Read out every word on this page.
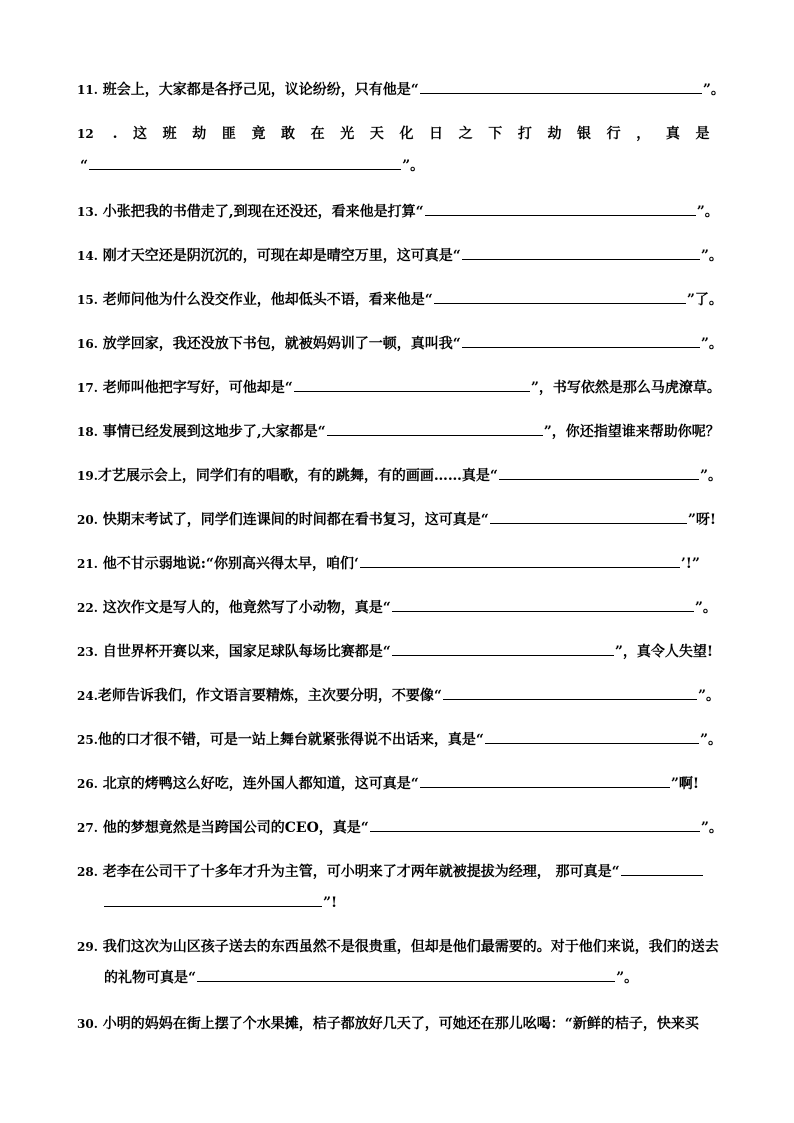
11. 班会上，大家都是各抒己见，议论纷纷，只有他是“	”。
12 .这班劫匪竟敢在光天化日之下打劫银行，真是
“	”。
13. 小张把我的书借走了,到现在还没还，看来他是打算“	”。
14. 刚才天空还是阴沉沉的，可现在却是晴空万里，这可真是“	”。
15. 老师问他为什么没交作业，他却低头不语，看来他是“	”了。
16. 放学回家，我还没放下书包，就被妈妈训了一顿，真叫我“	”。
17. 老师叫他把字写好，可他却是“	”，书写依然是那么马虎潦草。
18. 事情已经发展到这地步了,大家都是“	”，你还指望谁来帮助你呢？
19.才艺展示会上，同学们有的唱歌，有的跳舞，有的画画……真是“	”。
20. 快期末考试了，同学们连课间的时间都在看书复习，这可真是“	”呀!
21. 他不甘示弱地说:“你别高兴得太早，咱们‘	’!”
22. 这次作文是写人的，他竟然写了小动物，真是“	”。
23. 自世界杯开赛以来，国家足球队每场比赛都是“	”，真令人失望!
24.老师告诉我们，作文语言要精炼，主次要分明，不要像“	”。
25.他的口才很不错，可是一站上舞台就紧张得说不出话来，真是“	”。
26. 北京的烤鸭这么好吃，连外国人都知道，这可真是“	”啊!
27. 他的梦想竟然是当跨国公司的CEO，真是“	”。
28. 老李在公司干了十多年才升为主管，可小明来了才两年就被提拔为经理， 那可真是“
”!
29. 我们这次为山区孩子送去的东西虽然不是很贵重，但却是他们最需要的。对于他们来说，我们的送去
的礼物可真是“	”。
30. 小明的妈妈在街上摆了个水果摊，桔子都放好几天了，可她还在那儿吆喝：“新鲜的桔子，快来买
